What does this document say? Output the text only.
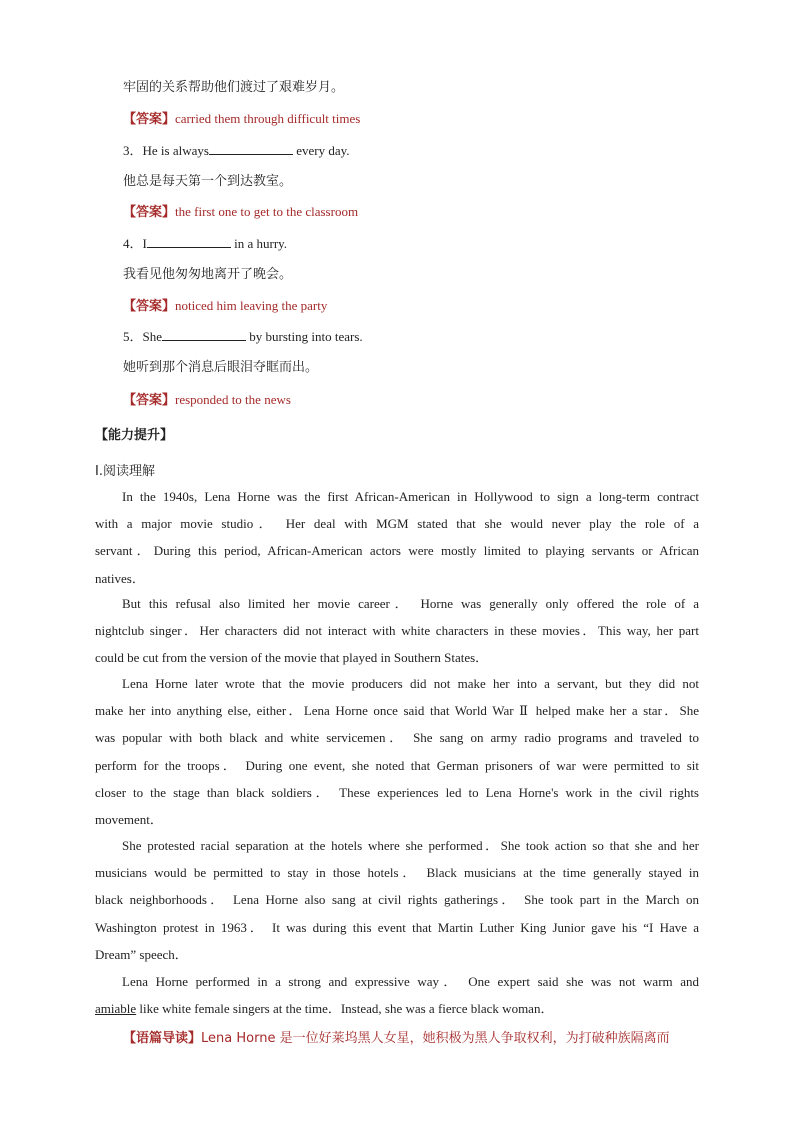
牢固的关系帮助他们渡过了艰难岁月。
【答案】carried them through difficult times
3．He is always	every day.
他总是每天第一个到达教室。
【答案】the first one to get to the classroom
4．I	in a hurry.
我看见他匆匆地离开了晚会。
【答案】noticed him leaving the party
5．She	by bursting into tears.
她听到那个消息后眼泪夺眶而出。
【答案】responded to the news
【能力提升】
Ⅰ.阅读理解
In the 1940s, Lena Horne was the first African-American in Hollywood to sign a long-term contract
with a major movie studio． Her deal with MGM stated that she would never play the role of a
servant．During this period, African-American actors were mostly limited to playing servants or African
natives．
But this refusal also limited her movie career． Horne was generally only offered the role of a
nightclub singer．Her characters did not interact with white characters in these movies．This way, her part
could be cut from the version of the movie that played in Southern States．
Lena Horne later wrote that the movie producers did not make her into a servant, but they did not
make her into anything else, either．Lena Horne once said that World War Ⅱ helped make her a star．She
was popular with both black and white servicemen． She sang on army radio programs and traveled to
perform for the troops． During one event, she noted that German prisoners of war were permitted to sit
closer to the stage than black soldiers． These experiences led to Lena Horne's work in the civil rights
movement．
She protested racial separation at the hotels where she performed．She took action so that she and her
musicians would be permitted to stay in those hotels． Black musicians at the time generally stayed in
black neighborhoods． Lena Horne also sang at civil rights gatherings． She took part in the March on
Washington protest in 1963． It was during this event that Martin Luther King Junior gave his “I Have a
Dream” speech．
Lena Horne performed in a strong and expressive way． One expert said she was not warm and
amiable like white female singers at the time．Instead, she was a fierce black woman．
【语篇导读】Lena Horne 是一位好莱坞黑人女星，她积极为黑人争取权利，为打破种族隔离而
